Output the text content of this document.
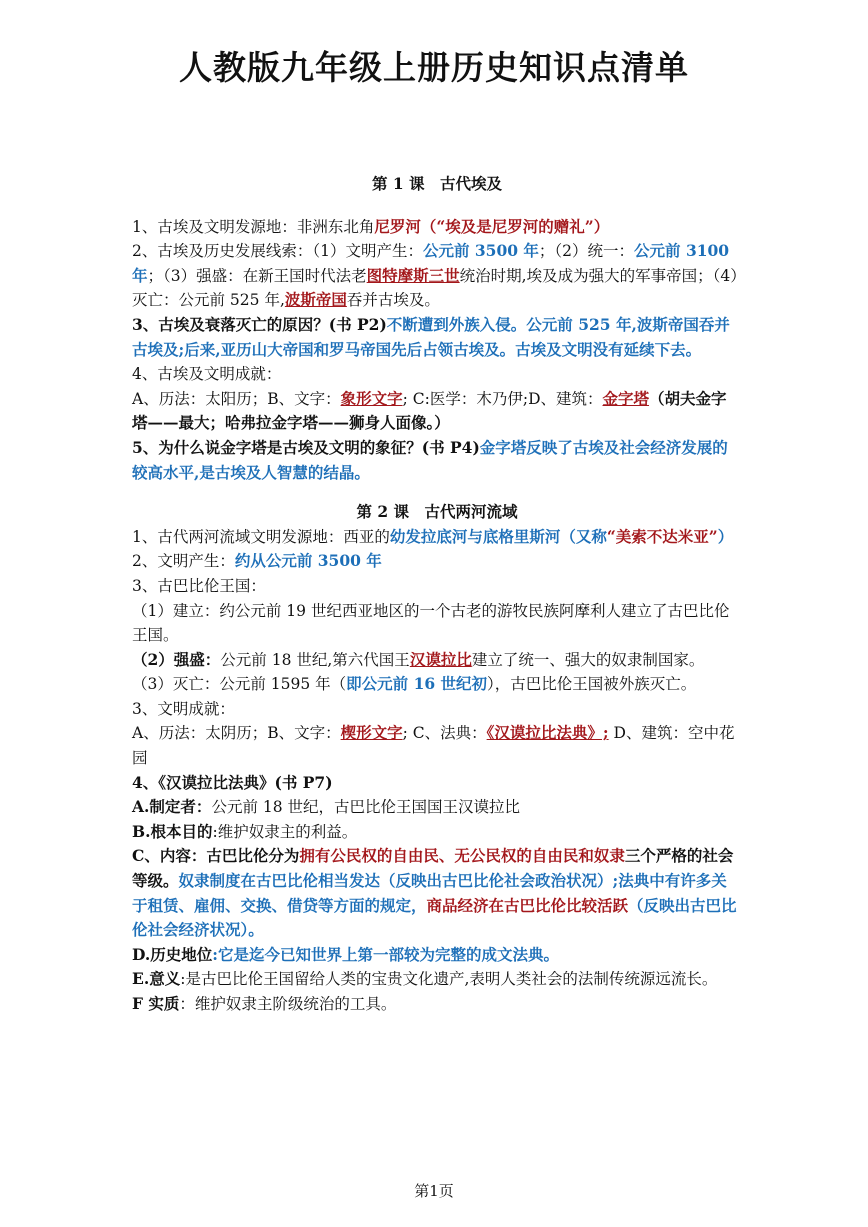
人教版九年级上册历史知识点清单

第 1 课　古代埃及

1、古埃及文明发源地：非洲东北角尼罗河（“埃及是尼罗河的赠礼”）

2、古埃及历史发展线索：（1）文明产生：公元前 3500 年；（2）统一：公元前 3100 年；（3）强盛：在新王国时代法老图特摩斯三世统治时期,埃及成为强大的军事帝国；（4）灭亡：公元前 525 年,波斯帝国吞并古埃及。

3、古埃及衰落灭亡的原因？(书 P2)不断遭到外族入侵。公元前 525 年,波斯帝国吞并古埃及;后来,亚历山大帝国和罗马帝国先后占领古埃及。古埃及文明没有延续下去。

4、古埃及文明成就：

A、历法：太阳历；B、文字：象形文字; C:医学：木乃伊;D、建筑：金字塔（胡夫金字塔——最大；哈弗拉金字塔——狮身人面像。）

5、为什么说金字塔是古埃及文明的象征？(书 P4)金字塔反映了古埃及社会经济发展的较高水平,是古埃及人智慧的结晶。

第 2 课　古代两河流域

1、古代两河流域文明发源地：西亚的幼发拉底河与底格里斯河（又称“美索不达米亚”）

2、文明产生：约从公元前 3500 年

3、古巴比伦王国：

（1）建立：约公元前 19 世纪西亚地区的一个古老的游牧民族阿摩利人建立了古巴比伦王国。

（2）强盛：公元前 18 世纪,第六代国王汉谟拉比建立了统一、强大的奴隶制国家。

（3）灭亡：公元前 1595 年（即公元前 16 世纪初），古巴比伦王国被外族灭亡。

3、文明成就：

A、历法：太阴历；B、文字：楔形文字; C、法典：《汉谟拉比法典》; D、建筑：空中花园

4、《汉谟拉比法典》(书 P7)

A.制定者：公元前 18 世纪，古巴比伦王国国王汉谟拉比

B.根本目的:维护奴隶主的利益。

C、内容：古巴比伦分为拥有公民权的自由民、无公民权的自由民和奴隶三个严格的社会等级。奴隶制度在古巴比伦相当发达（反映出古巴比伦社会政治状况）;法典中有许多关于租赁、雇佣、交换、借贷等方面的规定，商品经济在古巴比伦比较活跃（反映出古巴比伦社会经济状况）。

D.历史地位:它是迄今已知世界上第一部较为完整的成文法典。

E.意义:是古巴比伦王国留给人类的宝贵文化遗产,表明人类社会的法制传统源远流长。

F 实质：维护奴隶主阶级统治的工具。

第1页
